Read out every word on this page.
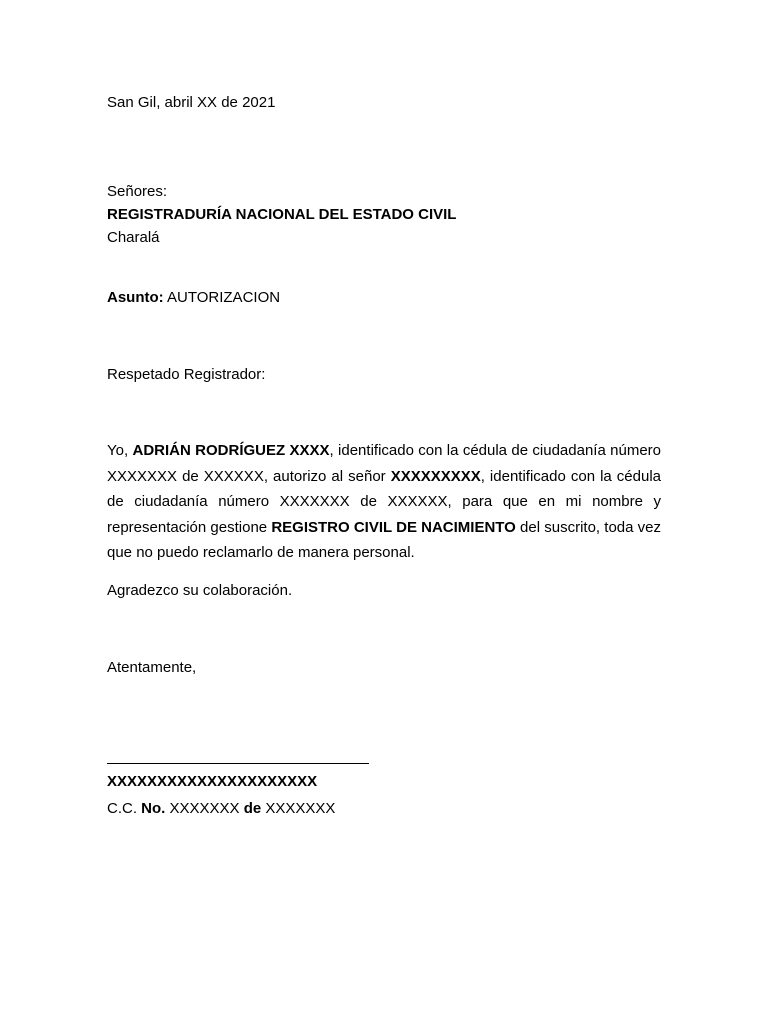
San Gil, abril XX de 2021
Señores:
REGISTRADURÍA NACIONAL DEL ESTADO CIVIL
Charalá
Asunto: AUTORIZACION
Respetado Registrador:
Yo, ADRIÁN RODRÍGUEZ XXXX, identificado con la cédula de ciudadanía número XXXXXXX de XXXXXX, autorizo al señor XXXXXXXXX, identificado con la cédula de ciudadanía número XXXXXXX de XXXXXX, para que en mi nombre y representación gestione REGISTRO CIVIL DE NACIMIENTO del suscrito, toda vez que no puedo reclamarlo de manera personal.
Agradezco su colaboración.
Atentamente,
XXXXXXXXXXXXXXXXXXXXX
C.C. No. XXXXXXX de XXXXXXX
